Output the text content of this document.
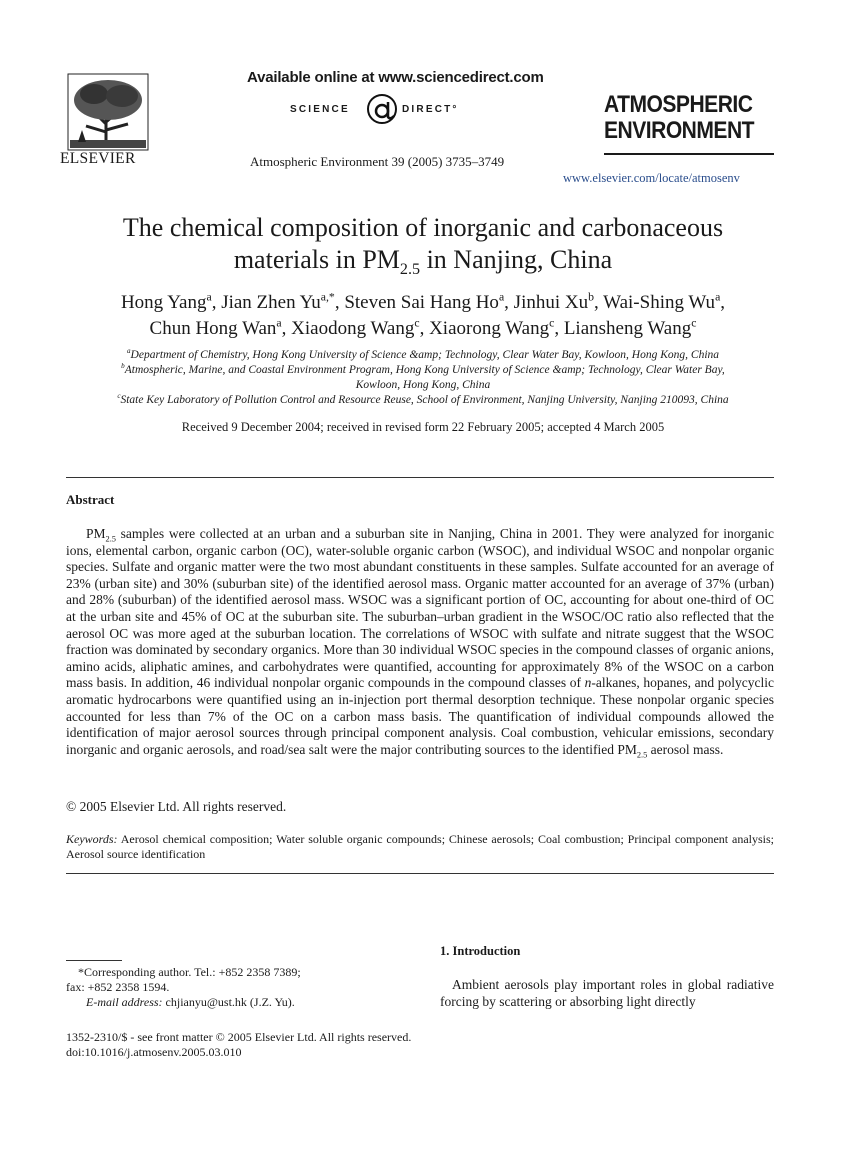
ELSEVIER
Available online at www.sciencedirect.com
SCIENCE	DIRECT°
Atmospheric Environment 39 (2005) 3735–3749
ATMOSPHERIC
ENVIRONMENT
www.elsevier.com/locate/atmosenv
The chemical composition of inorganic and carbonaceous
materials in $PM_{2.5}$ in Nanjing, China
Hong Yang$^a$, Jian Zhen $Yu^{a,*}$, Steven Sai Hang Ho$^a$, Jinhui Xu$^b$, Wai-Shing Wu$^a$,
Chun Hong Wan$^a$, Xiaodong Wang$^c$, Xiaorong Wang$^c$, Liansheng Wang$^c$
$^a$Department of Chemistry, Hong Kong University of Science &amp; Technology, Clear Water Bay, Kowloon, Hong Kong, China
$^b$Atmospheric, Marine, and Coastal Environment Program, Hong Kong University of Science &amp; Technology, Clear Water Bay,
Kowloon, Hong Kong, China
$^c$State Key Laboratory of Pollution Control and Resource Reuse, School of Environment, Nanjing University, Nanjing 210093, China
Received 9 December 2004; received in revised form 22 February 2005; accepted 4 March 2005
Abstract
$PM_{2.5}$ samples were collected at an urban and a suburban site in Nanjing, China in 2001. They were analyzed for inorganic ions, elemental carbon, organic carbon (OC), water-soluble organic carbon (WSOC), and individual WSOC and nonpolar organic species. Sulfate and organic matter were the two most abundant constituents in these samples. Sulfate accounted for an average of 23% (urban site) and 30% (suburban site) of the identified aerosol mass. Organic matter accounted for an average of 37% (urban) and 28% (suburban) of the identified aerosol mass. WSOC was a significant portion of OC, accounting for about one-third of OC at the urban site and 45% of OC at the suburban site. The suburban–urban gradient in the WSOC/OC ratio also reflected that the aerosol OC was more aged at the suburban location. The correlations of WSOC with sulfate and nitrate suggest that the WSOC fraction was dominated by secondary organics. More than 30 individual WSOC species in the compound classes of organic anions, amino acids, aliphatic amines, and carbohydrates were quantified, accounting for approximately 8% of the WSOC on a carbon mass basis. In addition, 46 individual nonpolar organic compounds in the compound classes of n-alkanes, hopanes, and polycyclic aromatic hydrocarbons were quantified using an in-injection port thermal desorption technique. These nonpolar organic species accounted for less than 7% of the OC on a carbon mass basis. The quantification of individual compounds allowed the identification of major aerosol sources through principal component analysis. Coal combustion, vehicular emissions, secondary inorganic and organic aerosols, and road/sea salt were the major contributing sources to the identified $PM_{2.5}$ aerosol mass.
© 2005 Elsevier Ltd. All rights reserved.
Keywords: Aerosol chemical composition; Water soluble organic compounds; Chinese aerosols; Coal combustion; Principal component analysis; Aerosol source identification
*Corresponding author. Tel.: +852 2358 7389;
fax: +852 2358 1594.
E-mail address: chjianyu@ust.hk (J.Z. Yu).
1352-2310/$ - see front matter © 2005 Elsevier Ltd. All rights reserved.
doi:10.1016/j.atmosenv.2005.03.010
1. Introduction
Ambient aerosols play important roles in global radiative forcing by scattering or absorbing light directly
